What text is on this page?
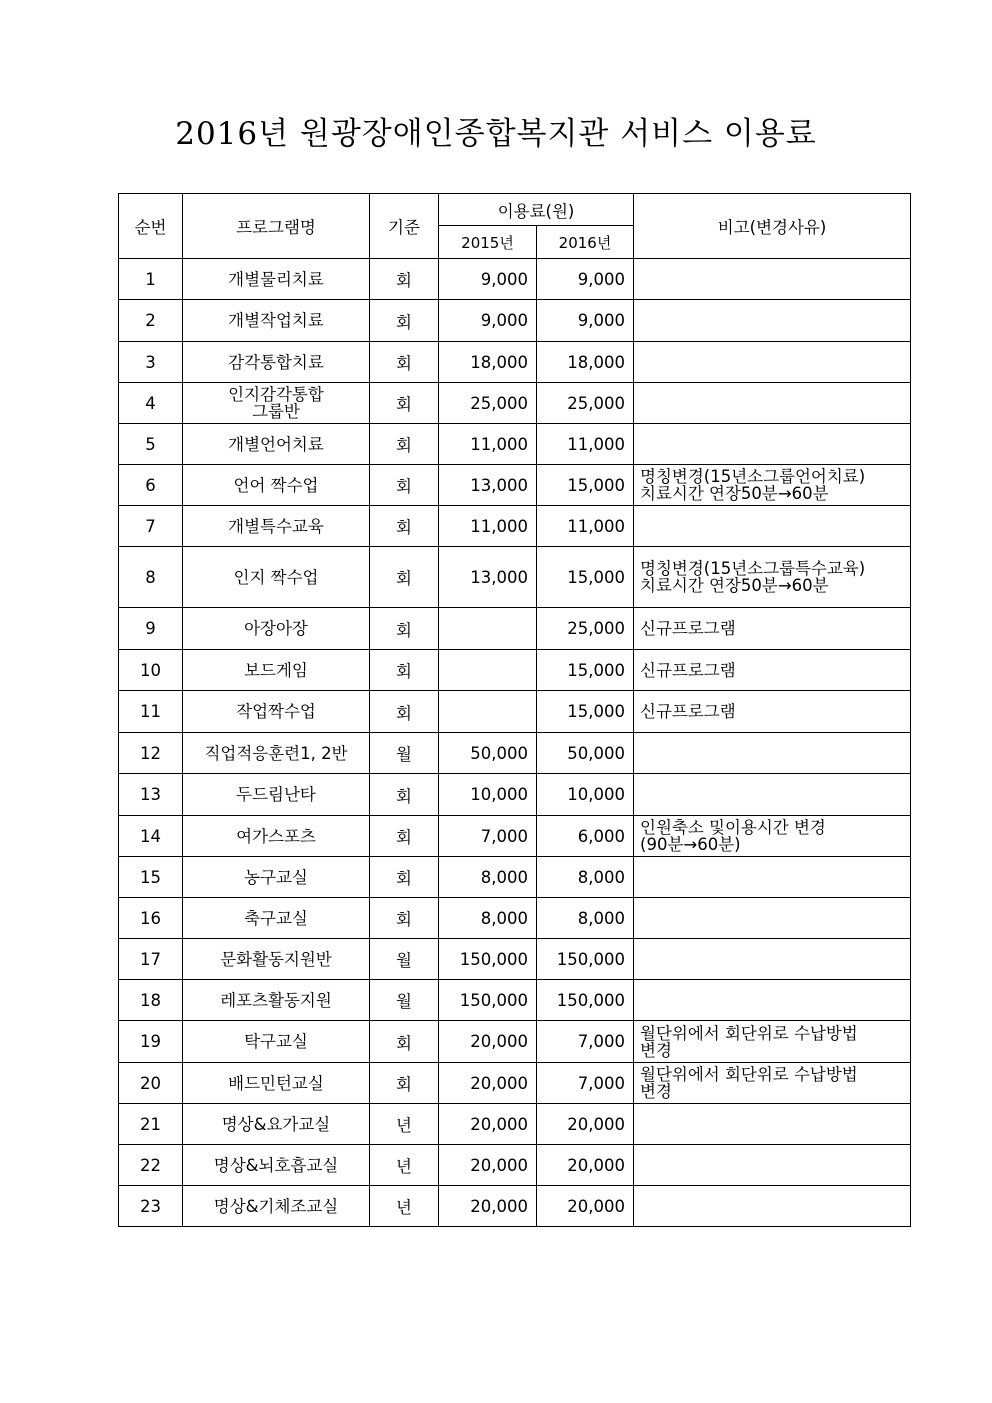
2016년 원광장애인종합복지관 서비스 이용료
순번	프로그램명	기준	이용료(원)		비고(변경사유)
			2015년	2016년	
1	개별물리치료	회	9,000	9,000	
2	개별작업치료	회	9,000	9,000	
3	감각통합치료	회	18,000	18,000	
4	인지감각통합
그룹반	회	25,000	25,000	
5	개별언어치료	회	11,000	11,000	
6	언어 짝수업	회	13,000	15,000	명칭변경(15년소그룹언어치료)
치료시간 연장50분→60분

7	개별특수교육	회	11,000	11,000	
8	인지 짝수업	회	13,000	15,000	명칭변경(15년소그룹특수교육)
치료시간 연장50분→60분

9	아장아장	회		25,000	신규프로그램

10	보드게임	회		15,000	신규프로그램

11	작업짝수업	회		15,000	신규프로그램

12	직업적응훈련1, 2반	월	50,000	50,000	
13	두드림난타	회	10,000	10,000	
14	여가스포츠	회	7,000	6,000	인원축소 및이용시간 변경
(90분→60분)

15	농구교실	회	8,000	8,000	
16	축구교실	회	8,000	8,000	
17	문화활동지원반	월	150,000	150,000	
18	레포츠활동지원	월	150,000	150,000	
19	탁구교실	회	20,000	7,000	월단위에서 회단위로 수납방법
변경

20	배드민턴교실	회	20,000	7,000	월단위에서 회단위로 수납방법
변경

21	명상&요가교실	년	20,000	20,000	
22	명상&뇌호흡교실	년	20,000	20,000	
23	명상&기체조교실	년	20,000	20,000	
